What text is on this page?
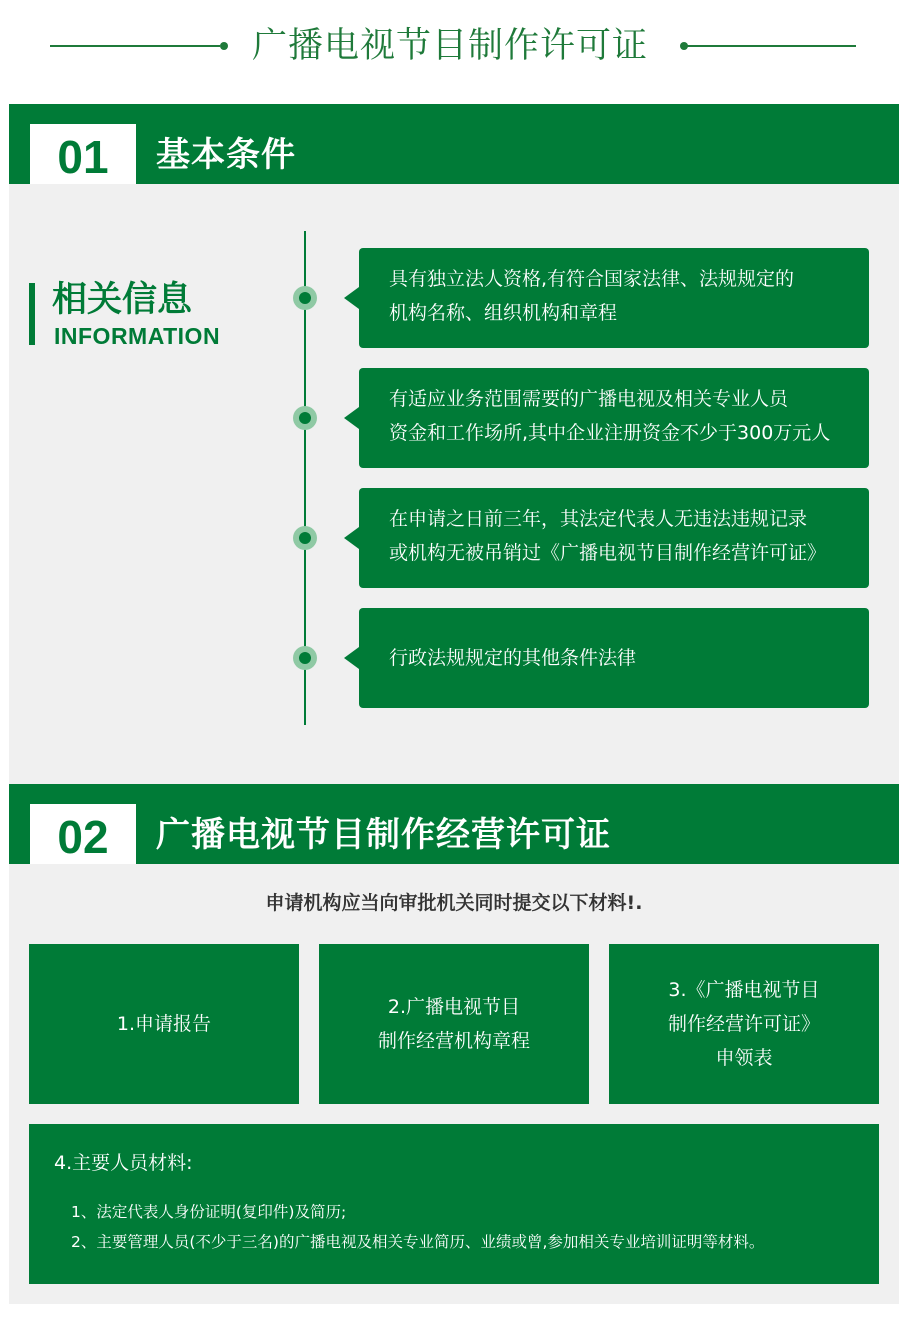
广播电视节目制作许可证
01	基本条件
相关信息
INFORMATION
具有独立法人资格,有符合国家法律、法规规定的
机构名称、组织机构和章程
有适应业务范围需要的广播电视及相关专业人员
资金和工作场所,其中企业注册资金不少于300万元人
在申请之日前三年，其法定代表人无违法违规记录
或机构无被吊销过《广播电视节目制作经营许可证》
行政法规规定的其他条件法律
02	广播电视节目制作经营许可证
申请机构应当向审批机关同时提交以下材料!.
1.申请报告
2.广播电视节目
制作经营机构章程
3.《广播电视节目
制作经营许可证》
申领表
4.主要人员材料:
1、法定代表人身份证明(复印件)及简历;
2、主要管理人员(不少于三名)的广播电视及相关专业简历、业绩或曾,参加相关专业培训证明等材料。
